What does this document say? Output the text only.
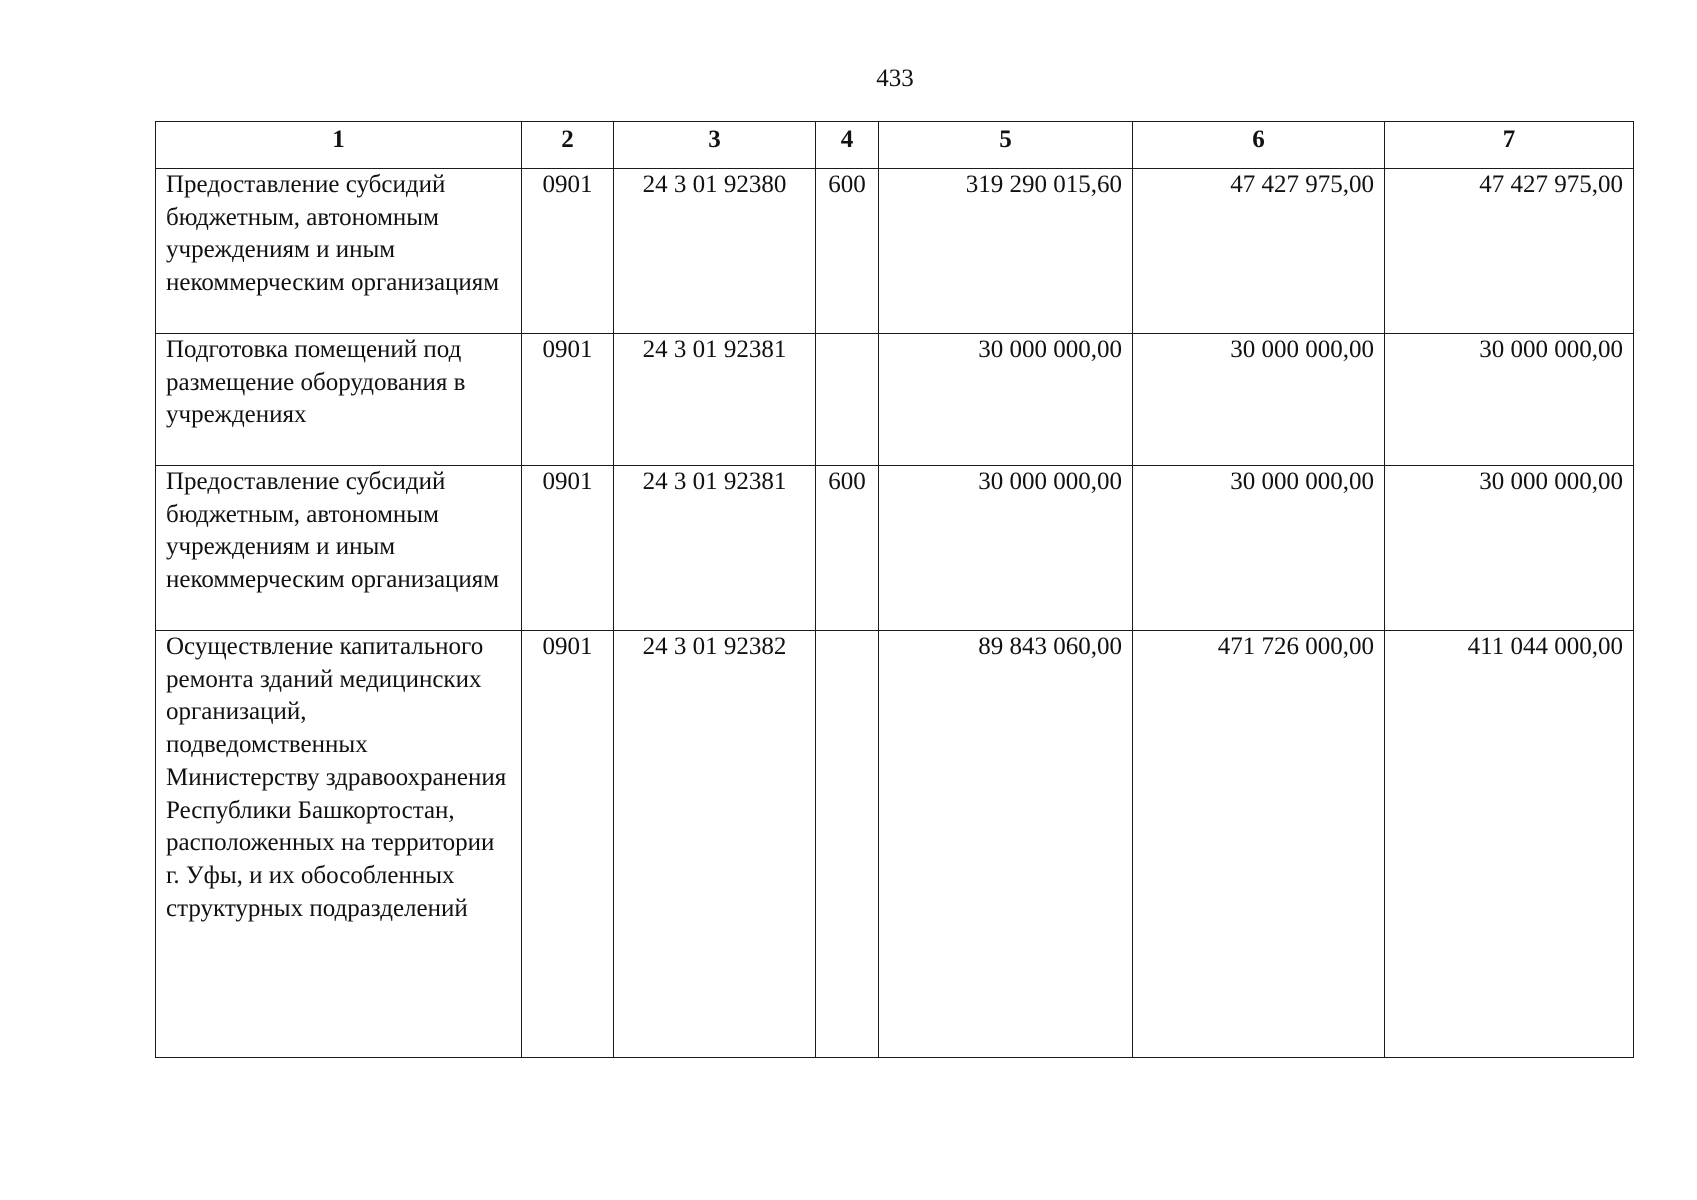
433
1	2	3	4	5	6	7
Предоставление субсидий бюджетным, автономным учреждениям и иным некоммерческим организациям	0901	24 3 01 92380	600	319 290 015,60	47 427 975,00	47 427 975,00
Подготовка помещений под размещение оборудования в учреждениях	0901	24 3 01 92381		30 000 000,00	30 000 000,00	30 000 000,00
Предоставление субсидий бюджетным, автономным учреждениям и иным некоммерческим организациям	0901	24 3 01 92381	600	30 000 000,00	30 000 000,00	30 000 000,00
Осуществление капитального ремонта зданий медицинских организаций, подведомственных Министерству здравоохранения Республики Башкортостан, расположенных на территории г. Уфы, и их обособленных структурных подразделений	0901	24 3 01 92382		89 843 060,00	471 726 000,00	411 044 000,00
